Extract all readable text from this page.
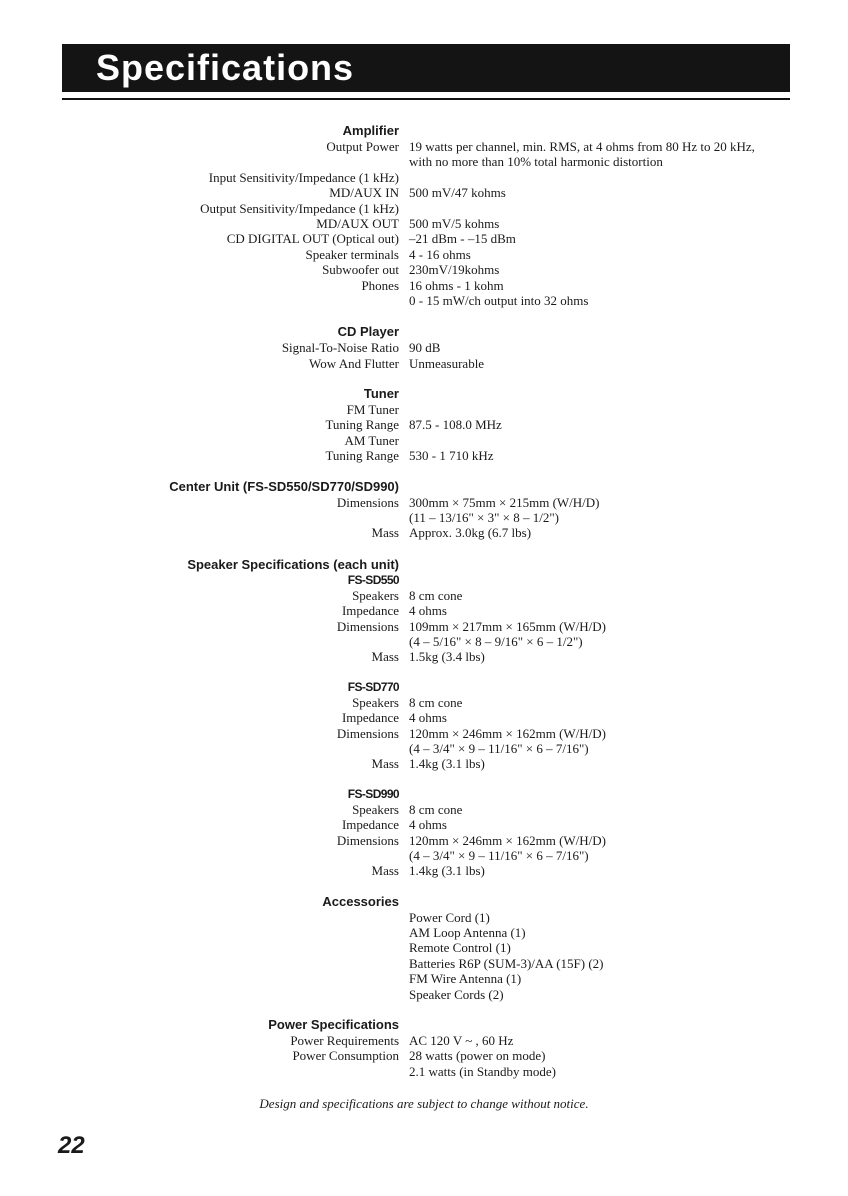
Specifications
Amplifier
Output Power 19 watts per channel, min. RMS, at 4 ohms from 80 Hz to 20 kHz,
with no more than 10% total harmonic distortion
Input Sensitivity/Impedance (1 kHz)
MD/AUX IN 500 mV/47 kohms
Output Sensitivity/Impedance (1 kHz)
MD/AUX OUT 500 mV/5 kohms
CD DIGITAL OUT (Optical out) –21 dBm - –15 dBm
Speaker terminals 4 - 16 ohms
Subwoofer out 230mV/19kohms
Phones 16 ohms - 1 kohm
0 - 15 mW/ch output into 32 ohms
CD Player
Signal-To-Noise Ratio 90 dB
Wow And Flutter Unmeasurable
Tuner
FM Tuner
Tuning Range 87.5 - 108.0 MHz
AM Tuner
Tuning Range 530 - 1 710 kHz
Center Unit (FS-SD550/SD770/SD990)
Dimensions 300mm × 75mm × 215mm (W/H/D)
(11 – 13/16" × 3" × 8 – 1/2")
Mass Approx. 3.0kg (6.7 lbs)
Speaker Specifications (each unit)
FS-SD550
Speakers 8 cm cone
Impedance 4 ohms
Dimensions 109mm × 217mm × 165mm (W/H/D)
(4 – 5/16" × 8 – 9/16" × 6 – 1/2")
Mass 1.5kg (3.4 lbs)
FS-SD770
Speakers 8 cm cone
Impedance 4 ohms
Dimensions 120mm × 246mm × 162mm (W/H/D)
(4 – 3/4" × 9 – 11/16" × 6 – 7/16")
Mass 1.4kg (3.1 lbs)
FS-SD990
Speakers 8 cm cone
Impedance 4 ohms
Dimensions 120mm × 246mm × 162mm (W/H/D)
(4 – 3/4" × 9 – 11/16" × 6 – 7/16")
Mass 1.4kg (3.1 lbs)
Accessories
Power Cord (1)
AM Loop Antenna (1)
Remote Control (1)
Batteries R6P (SUM-3)/AA (15F) (2)
FM Wire Antenna (1)
Speaker Cords (2)
Power Specifications
Power Requirements AC 120 V ~ , 60 Hz
Power Consumption 28 watts (power on mode)
2.1 watts (in Standby mode)
Design and specifications are subject to change without notice.
22
